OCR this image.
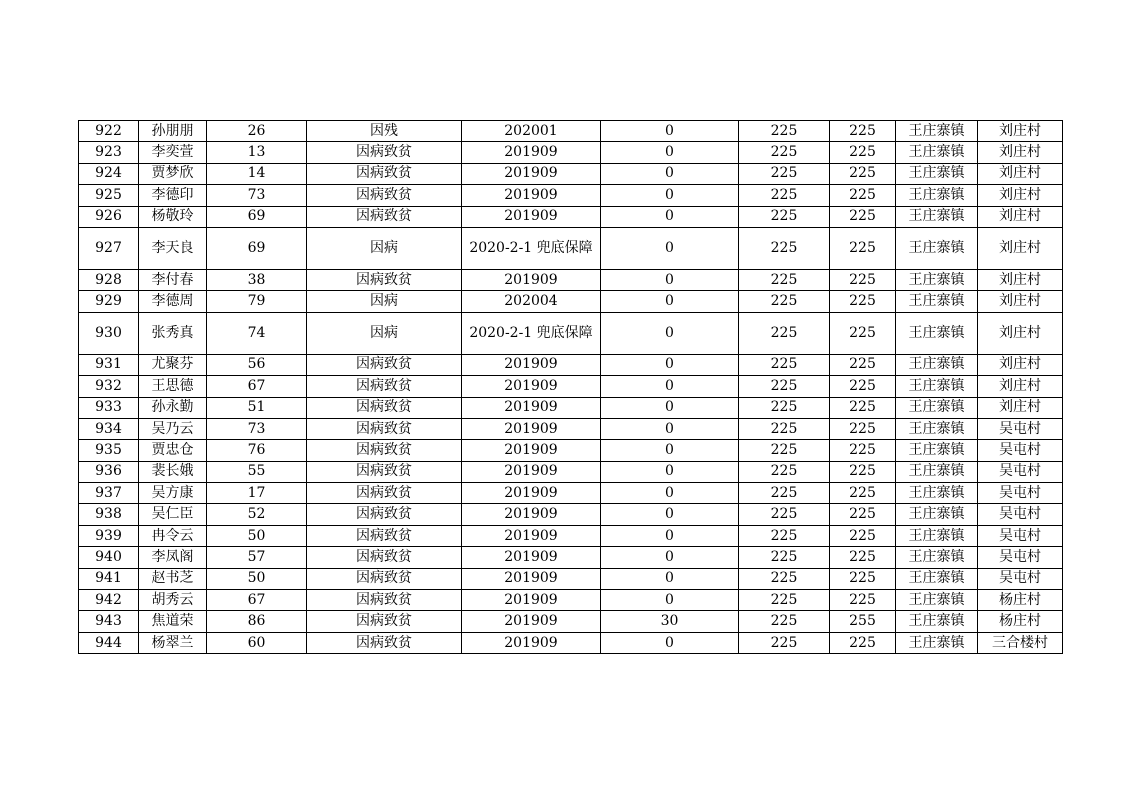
922	孙朋朋	26	因残	202001	0	225	225	王庄寨镇	刘庄村
923	李奕萱	13	因病致贫	201909	0	225	225	王庄寨镇	刘庄村
924	贾梦欣	14	因病致贫	201909	0	225	225	王庄寨镇	刘庄村
925	李德印	73	因病致贫	201909	0	225	225	王庄寨镇	刘庄村
926	杨敬玲	69	因病致贫	201909	0	225	225	王庄寨镇	刘庄村
927	李天良	69	因病	2020-2-1 兜底保障	0	225	225	王庄寨镇	刘庄村
928	李付春	38	因病致贫	201909	0	225	225	王庄寨镇	刘庄村
929	李德周	79	因病	202004	0	225	225	王庄寨镇	刘庄村
930	张秀真	74	因病	2020-2-1 兜底保障	0	225	225	王庄寨镇	刘庄村
931	尤聚芬	56	因病致贫	201909	0	225	225	王庄寨镇	刘庄村
932	王思德	67	因病致贫	201909	0	225	225	王庄寨镇	刘庄村
933	孙永勤	51	因病致贫	201909	0	225	225	王庄寨镇	刘庄村
934	吴乃云	73	因病致贫	201909	0	225	225	王庄寨镇	吴屯村
935	贾忠仓	76	因病致贫	201909	0	225	225	王庄寨镇	吴屯村
936	裴长娥	55	因病致贫	201909	0	225	225	王庄寨镇	吴屯村
937	吴方康	17	因病致贫	201909	0	225	225	王庄寨镇	吴屯村
938	吴仁臣	52	因病致贫	201909	0	225	225	王庄寨镇	吴屯村
939	冉令云	50	因病致贫	201909	0	225	225	王庄寨镇	吴屯村
940	李凤阁	57	因病致贫	201909	0	225	225	王庄寨镇	吴屯村
941	赵书芝	50	因病致贫	201909	0	225	225	王庄寨镇	吴屯村
942	胡秀云	67	因病致贫	201909	0	225	225	王庄寨镇	杨庄村
943	焦道荣	86	因病致贫	201909	30	225	255	王庄寨镇	杨庄村
944	杨翠兰	60	因病致贫	201909	0	225	225	王庄寨镇	三合楼村
